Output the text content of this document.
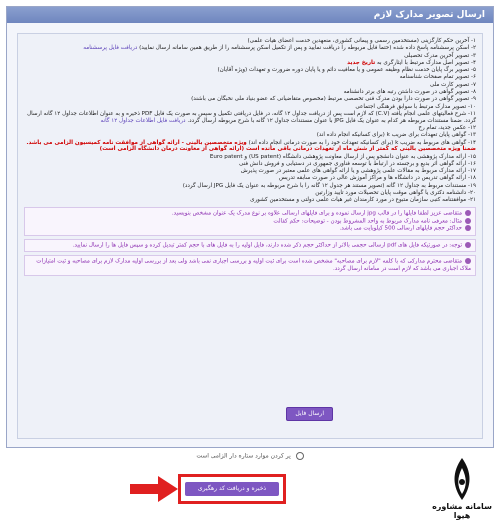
ارسال تصویر مدارک لازم
۱- آخرین حکم کارگزینی (مستخدمین رسمی و پیمانی کشوری، منعهدین خدمت اعضای هیات علمی)
۲- اسکن پرسشنامه پاسخ داده شده (حتما فایل مربوطه را دریافت نمایید و پس از تکمیل اسکن پرسشنامه را از طریق همین سامانه ارسال نمایید) دریافت فایل پرسشنامه
۳- تصویر آخرین مدرک تحصیلی
۴- تصویر اصل مدارک مرتبط با ایثارگری به تاریخ جدید
۵- تصویر برگ پایان خدمت نظام وظیفه عمومی و یا معافیت دائم و یا پایان دوره ضرورت و تعهدات (ویژه آقایان)
۶- تصویر تمام صفحات شناسنامه
۷- تصویر کارت ملی
۸- تصویر گواهی در صورت داشتن رتبه های برتر دانشنامه
۹- تصویر گواهی در صورت دارا بودن مدرک فنی تخصصی مرتبط (مخصوص متقاضیانی که عضو بنیاد ملی نخبگان می باشند)
۱۰- تصویر مدارک مرتبط با سوابق فرهنگی اجتماعی
۱۱- شرح فعالیتهای علمی انجام یافته (C.V) که لازم است پس از دریافت جداول ۱۲ گانه، در فایل دریافتی تکمیل و سپس به صورت یک فایل PDF ذخیره و به عنوان اطلاعات جداول ۱۲ گانه ارسال گردد. ضمنا مستندات مربوطه هر کدام به عنوان یک فایل JPG با عنوان مستندات جداول ۱۲ گانه با شرح مربوطه ارسال گردد. دریافت فایل اطلاعات جداول ۱۲ گانه
۱۲- عکس جدید، تمام رخ
۱۳- گواهی پایان تعهدات برای ضریب k (برای کسانیکه انجام داده اند)
۱۴- گواهی های مربوط به ضریب k (برای کسانیکه تعهدات خود را به صورت درمانی انجام داده اند) ویژه متخصصین بالینی - ارائه گواهی از موافقت نامه کمیسیون الزامی می باشد. ضمنا ویژه متخصصین بالینی که کمتر از شش ماه از تعهدات درمانی باقی مانده است (ارائه گواهی از معاونت درمان دانشگاه الزامی است)
۱۵- ارائه مدارک پژوهشی به عنوان دانشجو پس از ارسال معاونت پژوهشی دانشگاه (US patent) و Euro patent
۱۶- ارائه گواهی اثر بدیع و برجسته در ارتباط با توسعه فناوری جمهوری در دستیابی و فروش دانش فنی
۱۷- ارائه مدارک مربوط به مقالات علمی پژوهشی و یا ارائه گواهی های علمی معتبر در صورت پذیرش
۱۸- ارائه گواهی تدریس در دانشگاه ها و مراکز آموزش عالی در صورت سابقه تدریس
۱۹- مستندات مربوط به جداول ۱۲ گانه (تصویر مستند هر جدول ۱۲ گانه را با شرح مربوطه به عنوان یک فایل JPG ارسال گردد)
۲۰- دانشنامه دکتری یا گواهی موقت پایان تحصیلات مورد تایید وزارتین
۲۱- موافقتنامه کتبی سازمان متبوع در مورد کارمندان غیر هیات علمی دولتی و مستخدمین کشوری
متقاضی عزیز لطفا فایلها را در قالب jpg ارسال نموده و برای فایلهای ارسالی علاوه بر نوع مدرک یک عنوان مشخص بنویسید.
مثال: معرفی نامه مدارک مربوط به واحد المشروط بودن - توضیحات: حکم کفالت
حداکثر حجم فایلهای ارسالی 500 کیلوبایت می باشد.
توجه: در صورتیکه فایل های pdf ارسالی حجمی بالاتر از حداکثر حجم ذکر شده دارند، فایل اولیه را به فایل های با حجم کمتر تبدیل کرده و سپس فایل ها را ارسال نمایید.
متقاضی محترم مدارکی که با کلمه "لازم برای مصاحبه" مشخص شده است برای ثبت اولیه و بررسی اجباری نمی باشد ولی بعد از بررسی اولیه مدارک لازم برای مصاحبه و ثبت امتیازات ملاک اجباری می باشد که لازم است در سامانه ارسال گردد.
ارسال فایل
پر کردن موارد ستاره دار الزامی است
ذخیره و دریافت کد رهگیری
سامانه مشاوره هیوا
